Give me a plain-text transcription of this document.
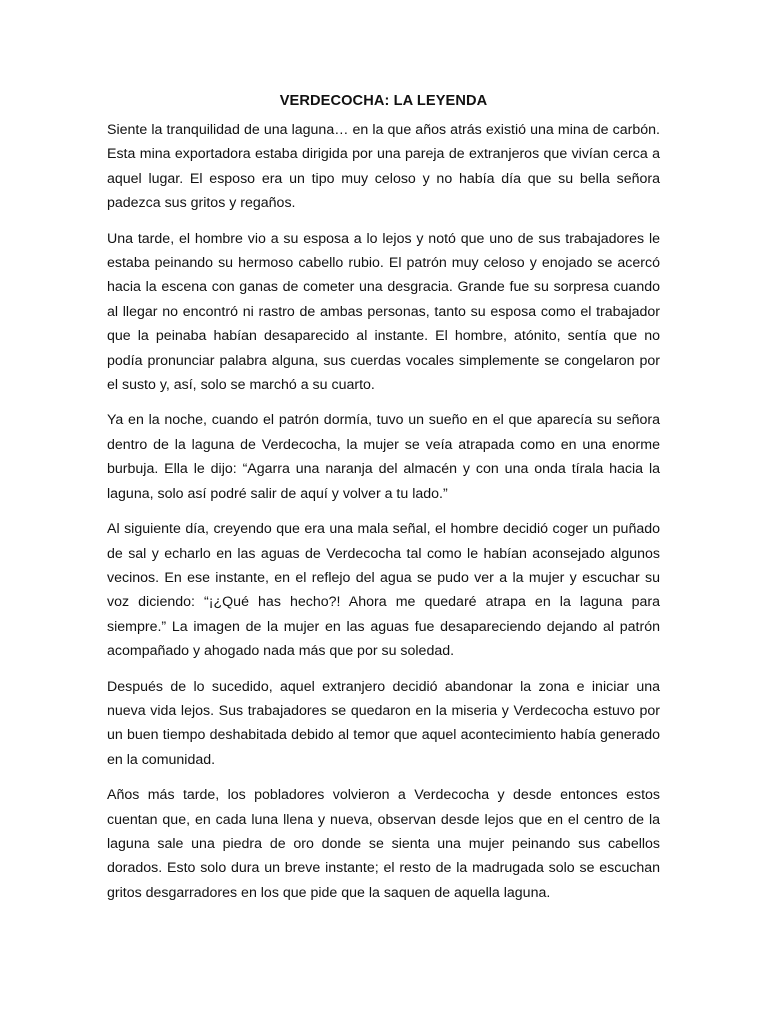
VERDECOCHA: LA LEYENDA

Siente la tranquilidad de una laguna… en la que años atrás existió una mina de carbón. Esta mina exportadora estaba dirigida por una pareja de extranjeros que vivían cerca a aquel lugar. El esposo era un tipo muy celoso y no había día que su bella señora padezca sus gritos y regaños.

Una tarde, el hombre vio a su esposa a lo lejos y notó que uno de sus trabajadores le estaba peinando su hermoso cabello rubio. El patrón muy celoso y enojado se acercó hacia la escena con ganas de cometer una desgracia. Grande fue su sorpresa cuando al llegar no encontró ni rastro de ambas personas, tanto su esposa como el trabajador que la peinaba habían desaparecido al instante. El hombre, atónito, sentía que no podía pronunciar palabra alguna, sus cuerdas vocales simplemente se congelaron por el susto y, así, solo se marchó a su cuarto.

Ya en la noche, cuando el patrón dormía, tuvo un sueño en el que aparecía su señora dentro de la laguna de Verdecocha, la mujer se veía atrapada como en una enorme burbuja. Ella le dijo: “Agarra una naranja del almacén y con una onda tírala hacia la laguna, solo así podré salir de aquí y volver a tu lado.”

Al siguiente día, creyendo que era una mala señal, el hombre decidió coger un puñado de sal y echarlo en las aguas de Verdecocha tal como le habían aconsejado algunos vecinos. En ese instante, en el reflejo del agua se pudo ver a la mujer y escuchar su voz diciendo: “¡¿Qué has hecho?! Ahora me quedaré atrapa en la laguna para siempre.” La imagen de la mujer en las aguas fue desapareciendo dejando al patrón acompañado y ahogado nada más que por su soledad.

Después de lo sucedido, aquel extranjero decidió abandonar la zona e iniciar una nueva vida lejos. Sus trabajadores se quedaron en la miseria y Verdecocha estuvo por un buen tiempo deshabitada debido al temor que aquel acontecimiento había generado en la comunidad.

Años más tarde, los pobladores volvieron a Verdecocha y desde entonces estos cuentan que, en cada luna llena y nueva, observan desde lejos que en el centro de la laguna sale una piedra de oro donde se sienta una mujer peinando sus cabellos dorados. Esto solo dura un breve instante; el resto de la madrugada solo se escuchan gritos desgarradores en los que pide que la saquen de aquella laguna.
